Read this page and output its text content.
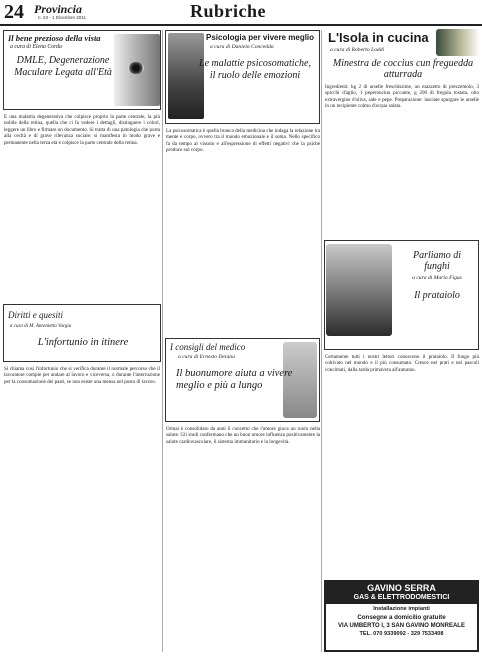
24 Provincia
n. 23 - 1 Dicembre 2011	Rubriche
Il bene prezioso della vista
a cura di Elena Corda
DMLE, Degenerazione Maculare Legata all'Età

È una malattia degenerativa che colpisce proprio la parte centrale, la più nobile della retina, quella che ci fa vedere i dettagli, distinguere i colori, leggere un libro e firmare un documento. Si tratta di una patologia che porta alla cecità e di grave rilevanza sociale: si manifesta in modo grave e permanente nella terza età e colpisce la parte centrale della retina.

Diritti e quesiti
a cura di M. Antonietta Vargiu
L'infortunio in itinere

Si chiama così l'infortunio che si verifica durante il normale percorso che il lavoratore compie per andare al lavoro e viceversa, o durante l'interruzione per la consumazione dei pasti, se non esiste una mensa nel posto di lavoro.

Psicologia per vivere meglio
a cura di Daniela Concedda
Le malattie psicosomatiche, il ruolo delle emozioni

La psicosomatica è quella branca della medicina che indaga la relazione tra mente e corpo, ovvero tra il mondo emozionale e il soma. Nello specifico fa da tempo al vissuto e all'espressione di effetti negativi che la psiche produce sul corpo.

I consigli del medico
a cura di Ernesto Deiana
Il buonumore aiuta a vivere meglio e più a lungo

Ormai è consolidato da anni il concetto che l'umore gioca un ruolo nella salute. Gli studi confermano che un buon umore influenza positivamente la salute cardiovascolare, il sistema immunitario e la longevità.

L'Isola in cucina
a cura di Roberto Loddi
Minestra de coccius cun freguedda atturrada

Ingredienti: kg 2 di arselle freschissime, un mazzetto di prezzemolo, 3 spicchi d'aglio, 1 peperoncino piccante, g 200 di fregula tostata, olio extravergine d'oliva, sale e pepe. Preparazione: lasciate spurgare le arselle in un recipiente colmo d'acqua salata.

Parliamo di funghi
a cura di Mario Figus
Il prataiolo

Certamente tutti i nostri lettori conoscono il prataiolo. Il fungo più coltivato nel mondo e il più consumato. Cresce nei prati e nei pascoli concimati, dalla tarda primavera all'autunno.

GAVINO SERRA
GAS & ELETTRODOMESTICI
Installazione impianti
Consegne a domicilio gratuite
VIA UMBERTO I, 3 SAN GAVINO MONREALE
TEL. 070 9339092 - 329 7533408
